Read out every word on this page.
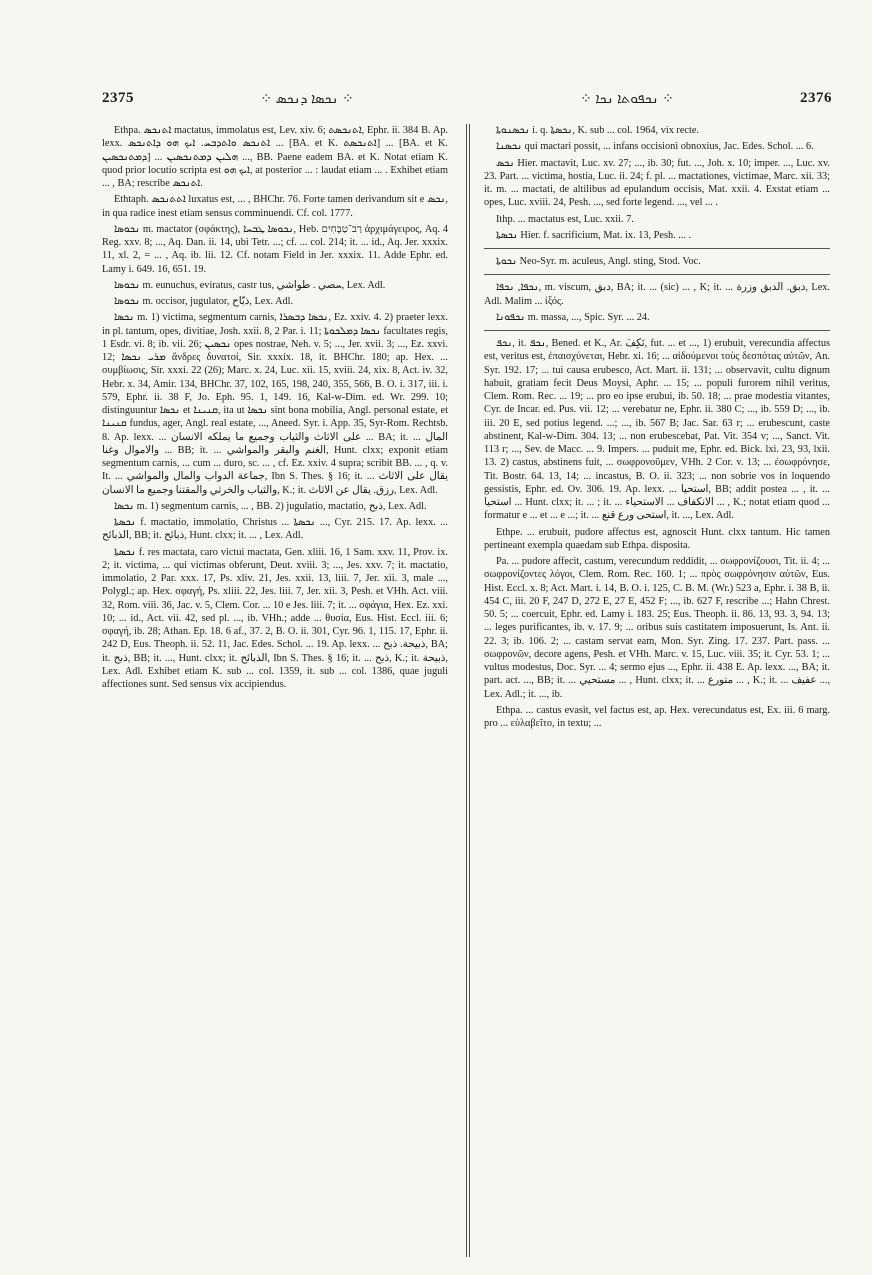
2375	⁘ ܢܟܣܐ ܕܢܟܣ ⁘	⁘ ܢܟܦܘܬܐ ܢܟܐ ⁘	2376

Ethpa. ܐܬܢܟܣ mactatus, immolatus est, Lev. xiv. 6; ܐܬܢܟܣܬ, Ephr. ii. 384 B. Ap. lexx. ܐܬܢܟܣ ܘܐܬܕܒܚ. ܐܝܟ ܗܘ ܕܐܬܢܟܣ ... [BA. et K. ܐܬܢܟܣܬ] ... [BA. et K. ܕܡܬܢܟܣܝܢ] ... ܗܠܝܢ ܕܡܬܢܟܣܝܢ ..., BB. Paene eadem BA. et K. Notat etiam K. quod prior locutio scripta est ܐܝܟ ܗܘ, at posterior ... : laudat etiam ... . Exhibet etiam ... , BA; rescribe ܐܬܢܟܣ.

Ethtaph. ܐܬܬܢܟܣ luxatus est, ... , BHChr. 76. Forte tamen derivandum sit e ܢܟܣ, in qua radice inest etiam sensus comminuendi. Cf. col. 1777.

ܢܟܘܣܐ m. mactator (σφάκτης), ܢܟܘܣܐ ܛܒܚܐ, Heb. רַב־טַבָּחִים ἀρχιμάγειρος, Aq. 4 Reg. xxv. 8; ..., Aq. Dan. ii. 14, ubi Tetr. ...; cf. ... col. 214; it. ... id., Aq. Jer. xxxix. 11, xl. 2, = ... , Aq. ib. lii. 12. Cf. notam Field in Jer. xxxix. 11. Adde Ephr. ed. Lamy i. 649. 16, 651. 19.

ܢܟܘܣܐ m. eunuchus, eviratus, castr tus, ܚصي . طواشي, Lex. Adl.

ܢܟܘܣܐ m. occisor, jugulator, ذبّاح, Lex. Adl.

ܢܟܣܐ m. 1) victima, segmentum carnis, ܢܟܣܐ ܕܒܣܪܐ, Ez. xxiv. 4. 2) praeter lexx. in pl. tantum, opes, divitiae, Josh. xxii. 8, 2 Par. i. 11; ܢܟܣܐ ܕܡܠܟܘܬܐ facultates regis, 1 Esdr. vi. 8; ib. vii. 26; ܢܟܣܝܢ opes nostrae, Neh. v. 5; ..., Jer. xvii. 3; ..., Ez. xxvi. 12; ܡܪܝ ܢܟܣܐ ἄνδρες δυνατοί, Sir. xxxix. 18, it. BHChr. 180; ap. Hex. ... συμβίωσις, Sir. xxxi. 22 (26); Marc. x. 24, Luc. xii. 15, xviii. 24, xix. 8, Act. iv. 32, Hebr. x. 34, Amir. 134, BHChr. 37, 102, 165, 198, 240, 355, 566, B. O. i. 317, iii. i. 579, Ephr. ii. 38 F, Jo. Eph. 95. 1, 149. 16, Kal-w-Dim. ed. Wr. 299. 10; distinguuntur ܢܟܣܐ et ܩܢܝܢܐ, ita ut ܢܟܣܐ sint bona mobilia, Angl. personal estate, et ܩܢܝܢܐ fundus, ager, Angl. real estate, ..., Aneed. Syr. i. App. 35, Syr-Rom. Rechtsb. 8. Ap. lexx. ... على الاثاث والثياب وجميع ما يملكه الانسان ... BA; it. ... المال والاموال وغنا ... BB; it. ... الغنم والبقر والمواشي, Hunt. clxx; exponit etiam segmentum carnis, ... cum ... duro, sc. ... , cf. Ez. xxiv. 4 supra; scribit BB. ... , q. v. It. ... جماعة الدواب والمال والمواشي, Ibn S. Thes. § 16; it. ... يقال على الاثاث والثياب والخرثي والمقتنا وجميع ما الانسان, K.; it. رزق. يقال عن الاثاث, Lex. Adl.

ܢܟܣܐ m. 1) segmentum carnis, ... , BB. 2) jugulatio, mactatio, ذبح, Lex. Adl.

ܢܟܣܬܐ f. mactatio, immolatio, Christus ... ܢܟܣܬܐ ..., Cyr. 215. 17. Ap. lexx. ... الذبائح, BB; it. ذبائح, Hunt. clxx; it. ... , Lex. Adl.

ܢܟܣܬܐ f. res mactata, caro victui mactata, Gen. xliii. 16, 1 Sam. xxv. 11, Prov. ix. 2; it. victima, ... qui victimas obferunt, Deut. xviii. 3; ..., Jes. xxv. 7; it. mactatio, immolatio, 2 Par. xxx. 17, Ps. xliv. 21, Jes. xxii. 13, liii. 7, Jer. xii. 3, male ..., Polygl.; ap. Hex. σφαγή, Ps. xliii. 22, Jes. liii. 7, Jer. xii. 3, Pesh. et VHh. Act. viii. 32, Rom. viii. 36, Jac. v. 5, Clem. Cor. ... 10 e Jes. liii. 7; it. ... σφάγια, Hex. Ez. xxi. 10; ... id., Act. vii. 42, sed pl. ..., ib. VHh.; adde ... θυσία, Eus. Hist. Eccl. iii. 6; σφαγή, ib. 28; Athan. Ep. 18. 6 af., 37. 2, B. O. ii. 301, Cyr. 96. 1, 115. 17, Ephr. ii. 242 D, Eus. Theoph. ii. 52. 11, Jac. Edes. Schol. ... 19. Ap. lexx. ... ذبيحة. ذبح, BA; it. ذبح, BB; it. ..., Hunt. clxx; it. الذبائح, Ibn S. Thes. § 16; it. ... ذبح, K.; it. ذبيحة, Lex. Adl. Exhibet etiam K. sub ... col. 1359, it. sub ... col. 1386, quae juguli affectiones sunt. Sed sensus vix accipiendus.

ܢܟܣܢܘܬܐ i. q. ܢܟܣܬܐ, K. sub ... col. 1964, vix recte.

ܢܟܣܢܐ qui mactari possit, ... infans occisioni obnoxius, Jac. Edes. Schol. ... 6.

ܢܟܣ Hier. mactavit, Luc. xv. 27; ..., ib. 30; fut. ..., Joh. x. 10; imper. ..., Luc. xv. 23. Part. ... victima, hostia, Luc. ii. 24; f. pl. ... mactationes, victimae, Marc. xii. 33; it. m. ... mactati, de altilibus ad epulandum occisis, Mat. xxii. 4. Exstat etiam ... opes, Luc. xviii. 24, Pesh. ..., sed forte legend. ..., vel ... .

Ithp. ... mactatus est, Luc. xxii. 7.

ܢܟܣܬܐ Hier. f. sacrificium, Mat. ix. 13, Pesh. ... .

ܢܟܘܬܐ Neo-Syr. m. aculeus, Angl. sting, Stod. Voc.

ܢܟܦܐ, ܢܟܦܐ, m. viscum, دبق, BA; it. ... (sic) ... , K; it. ... دبق. الدبق وزرة, Lex. Adl. Malim ... ἰξός.

ܢܟܦܘܢܐ m. massa, ..., Spic. Syr. ... 24.

ܢܟܦ, it. ܢܟܦ, Bened. et K., Ar. نَكِفَ, fut. ... et ..., 1) erubuit, verecundia affectus est, veritus est, ἐπαισχύνεται, Hebr. xi. 16; ... αἰδούμενοι τοὺς δεσπότας αὐτῶν, An. Syr. 192. 17; ... tui causa erubesco, Act. Mart. ii. 131; ... observavit, cultu dignum habuit, gratiam fecit Deus Moysi, Aphr. ... 15; ... populi furorem nihil veritus, Clem. Rom. Rec. ... 19; ... pro eo ipse erubui, ib. 50. 18; ... prae modestia vitantes, Cyr. de Incar. ed. Pus. vii. 12; ... verebatur ne, Ephr. ii. 380 C; ..., ib. 559 D; ..., ib. iii. 20 E, sed potius legend. ...; ..., ib. 567 B; Jac. Sar. 63 r; ... erubescunt, caste abstinent, Kal-w-Dim. 304. 13; ... non erubescebat, Pat. Vit. 354 v; ..., Sanct. Vit. 113 r; ..., Sev. de Macc. ... 9. Impers. ... puduit me, Ephr. ed. Bick. lxi. 23, 93, lxii. 13. 2) castus, abstinens fuit, ... σωφρονοῦμεν, VHh. 2 Cor. v. 13; ... ἐσωφρόνησε, Tit. Bostr. 64. 13, 14; ... incastus, B. O. ii. 323; ... non sobrie vos in loquendo gessistis, Ephr. ed. Ov. 306. 19. Ap. lexx. ... استحيا, BB; addit postea ... , it. ... استحيا ... Hunt. clxx; it. ... ; it. ... الانكفاف ... الاستحياء ... , K.; notat etiam quod ... formatur e ... et ... e ...; it. ... استحى ورع قنع, it. ..., Lex. Adl.

Ethpe. ... erubuit, pudore affectus est, agnoscit Hunt. clxx tantum. Hic tamen pertineant exempla quaedam sub Ethpa. disposita.

Pa. ... pudore affecit, castum, verecundum reddidit, ... σωφρονίζουσι, Tit. ii. 4; ... σωφρονίζοντες λόγοι, Clem. Rom. Rec. 160. 1; ... πρὸς σωφρόνησιν αὐτῶν, Eus. Hist. Eccl. x. 8; Act. Mart. i. 14, B. O. i. 125, C. B. M. (Wr.) 523 a, Ephr. i. 38 B, ii. 454 C, iii. 20 F, 247 D, 272 E, 27 E, 452 F; ..., ib. 627 F, rescribe ...; Hahn Chrest. 50. 5; ... coercuit, Ephr. ed. Lamy i. 183. 25; Eus. Theoph. ii. 86. 13, 93. 3, 94. 13; ... leges purificantes, ib. v. 17. 9; ... oribus suis castitatem imposuerunt, Is. Ant. ii. 22. 3; ib. 106. 2; ... castam servat eam, Mon. Syr. Zing. 17. 237. Part. pass. ... σωφρονῶν, decore agens, Pesh. et VHh. Marc. v. 15, Luc. viii. 35; it. Cyr. 53. 1; ... vultus modestus, Doc. Syr. ... 4; sermo ejus ..., Ephr. ii. 438 E. Ap. lexx. ..., BA; it. part. act. ..., BB; it. ... مستحيي ... , Hunt. clxx; it. ... متورع ... , K.; it. ... عفيف ..., Lex. Adl.; it. ..., ib.

Ethpa. ... castus evasit, vel factus est, ap. Hex. verecundatus est, Ex. iii. 6 marg. pro ... εὐλαβεῖτο, in textu; ...
